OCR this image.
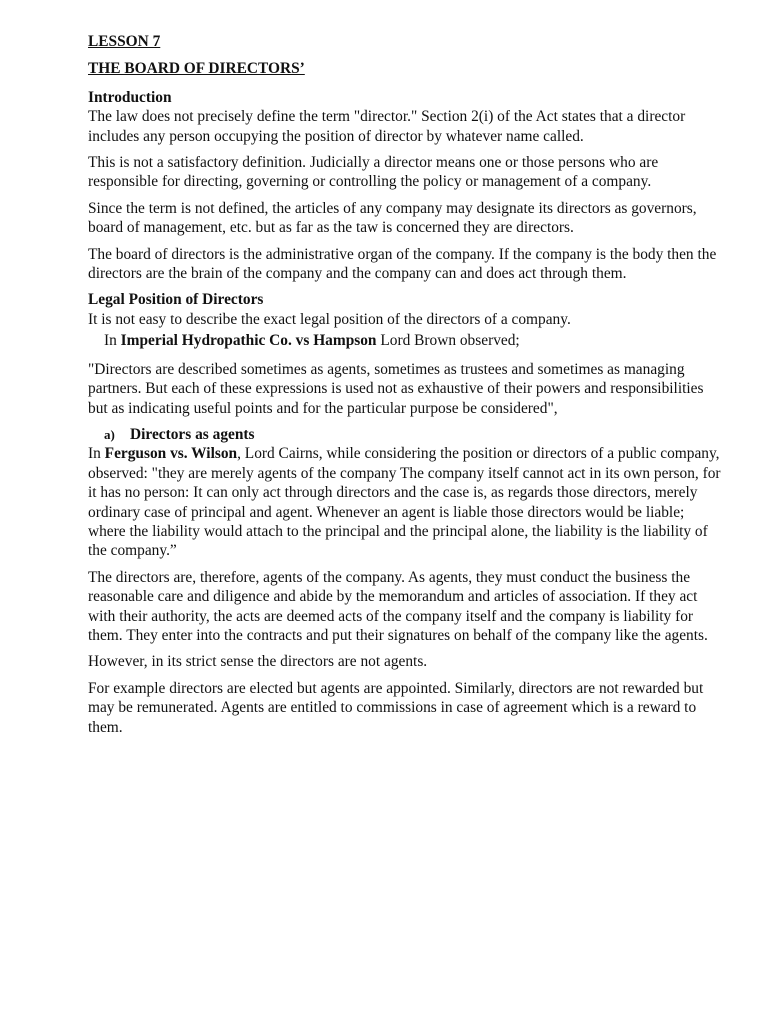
LESSON 7
THE BOARD OF DIRECTORS’
Introduction

The law does not precisely define the term "director." Section 2(i) of the Act states that a director includes any person occupying the position of director by whatever name called.

This is not a satisfactory definition. Judicially a director means one or those persons who are responsible for directing, governing or controlling the policy or management of a company.

Since the term is not defined, the articles of any company may designate its directors as governors, board of management, etc. but as far as the taw is concerned they are directors.

The board of directors is the administrative organ of the company. If the company is the body then the directors are the brain of the company and the company can and does act through them.

Legal Position of Directors

It is not easy to describe the exact legal position of the directors of a company.

In Imperial Hydropathic Co. vs Hampson Lord Brown observed;

"Directors are described sometimes as agents, sometimes as trustees and sometimes as managing partners. But each of these expressions is used not as exhaustive of their powers and responsibilities but as indicating useful points and for the particular purpose be considered",

a) Directors as agents

In Ferguson vs. Wilson, Lord Cairns, while considering the position or directors of a public company, observed: "they are merely agents of the company The company itself cannot act in its own person, for it has no person: It can only act through directors and the case is, as regards those directors, merely ordinary case of principal and agent. Whenever an agent is liable those directors would be liable; where the liability would attach to the principal and the principal alone, the liability is the liability of the company.”

The directors are, therefore, agents of the company. As agents, they must conduct the business the reasonable care and diligence and abide by the memorandum and articles of association. If they act with their authority, the acts are deemed acts of the company itself and the company is liability for them. They enter into the contracts and put their signatures on behalf of the company like the agents.

However, in its strict sense the directors are not agents.

For example directors are elected but agents are appointed. Similarly, directors are not rewarded but may be remunerated. Agents are entitled to commissions in case of agreement which is a reward to them.
